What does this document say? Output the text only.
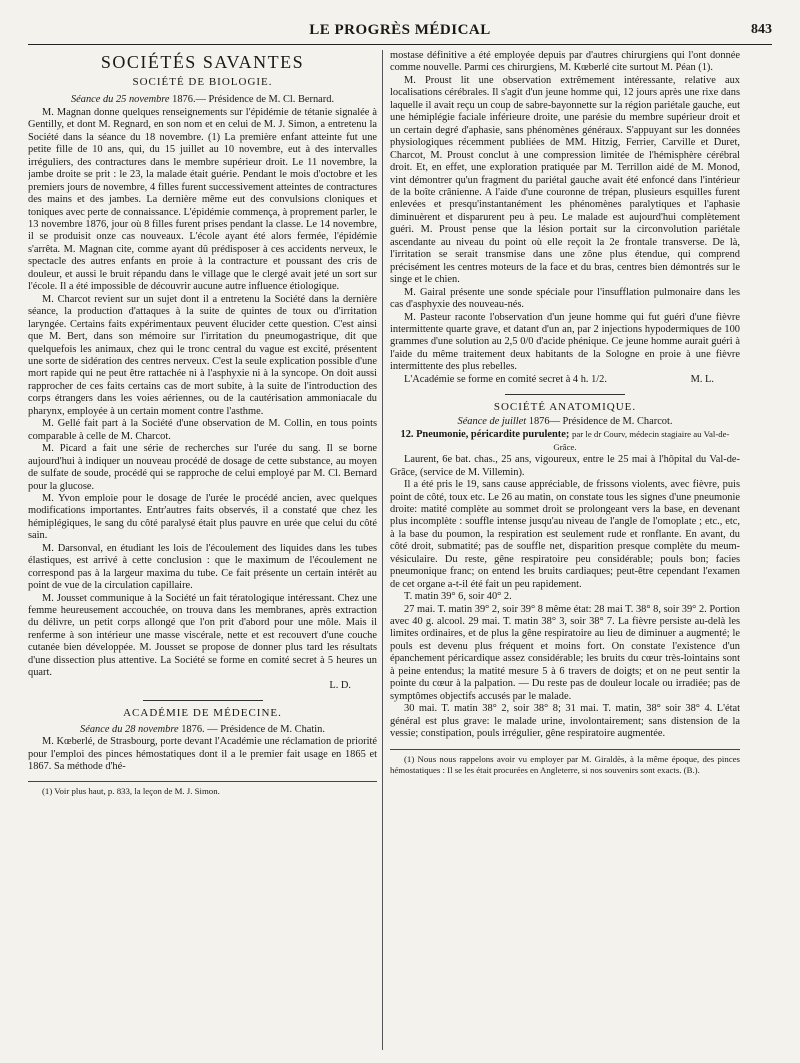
LE PROGRÈS MÉDICAL	843
SOCIÉTÉS SAVANTES
SOCIÉTÉ DE BIOLOGIE.

Séance du 25 novembre 1876.— Présidence de M. Cl. Bernard.

M. Magnan donne quelques renseignements sur l'épidémie de tétanie signalée à Gentilly, et dont M. Regnard, en son nom et en celui de M. J. Simon, a entretenu la Société dans la séance du 18 novembre. (1) La première enfant atteinte fut une petite fille de 10 ans, qui, du 15 juillet au 10 novembre, eut à des intervalles irréguliers, des contractures dans le membre supérieur droit. Le 11 novembre, la jambe droite se prit : le 23, la malade était guérie. Pendant le mois d'octobre et les premiers jours de novembre, 4 filles furent successivement atteintes de contractures des mains et des jambes. La dernière même eut des convulsions cloniques et toniques avec perte de connaissance. L'épidémie commença, à proprement parler, le 13 novembre 1876, jour où 8 filles furent prises pendant la classe. Le 14 novembre, il se produisit onze cas nouveaux. L'école ayant été alors fermée, l'épidémie s'arrêta. M. Magnan cite, comme ayant dû prédisposer à ces accidents nerveux, le spectacle des autres enfants en proie à la contracture et poussant des cris de douleur, et aussi le bruit répandu dans le village que le clergé avait jeté un sort sur l'école. Il a été impossible de découvrir aucune autre influence étiologique.

M. Charcot revient sur un sujet dont il a entretenu la Société dans la dernière séance, la production d'attaques à la suite de quintes de toux ou d'irritation laryngée. Certains faits expérimentaux peuvent élucider cette question. C'est ainsi que M. Bert, dans son mémoire sur l'irritation du pneumogastrique, dit que quelquefois les animaux, chez qui le tronc central du vague est excité, présentent une sorte de sidération des centres nerveux. C'est la seule explication possible d'une mort rapide qui ne peut être rattachée ni à l'asphyxie ni à la syncope. On doit aussi rapprocher de ces faits certains cas de mort subite, à la suite de l'introduction des corps étrangers dans les voies aériennes, ou de la cautérisation ammoniacale du pharynx, employée à un certain moment contre l'asthme.

M. Gellé fait part à la Société d'une observation de M. Collin, en tous points comparable à celle de M. Charcot.

M. Picard a fait une série de recherches sur l'urée du sang. Il se borne aujourd'hui à indiquer un nouveau procédé de dosage de cette substance, au moyen de sulfate de soude, procédé qui se rapproche de celui employé par M. Cl. Bernard pour la glucose.

M. Yvon emploie pour le dosage de l'urée le procédé ancien, avec quelques modifications importantes. Entr'autres faits observés, il a constaté que chez les hémiplégiques, le sang du côté paralysé était plus pauvre en urée que celui du côté sain.

M. Darsonval, en étudiant les lois de l'écoulement des liquides dans les tubes élastiques, est arrivé à cette conclusion : que le maximum de l'écoulement ne correspond pas à la largeur maxima du tube. Ce fait présente un certain intérêt au point de vue de la circulation capillaire.

M. Jousset communique à la Société un fait tératologique intéressant. Chez une femme heureusement accouchée, on trouva dans les membranes, après extraction du délivre, un petit corps allongé que l'on prit d'abord pour une môle. Mais il renferme à son intérieur une masse viscérale, nette et est recouvert d'une couche cutanée bien développée. M. Jousset se propose de donner plus tard les résultats d'une dissection plus attentive. La Société se forme en comité secret à 5 heures un quart.

L. D.

ACADÉMIE DE MÉDECINE.

Séance du 28 novembre 1876. — Présidence de M. Chatin.

M. Kœberlé, de Strasbourg, porte devant l'Académie une réclamation de priorité pour l'emploi des pinces hémostatiques dont il a le premier fait usage en 1865 et 1867. Sa méthode d'hé-

(1) Voir plus haut, p. 833, la leçon de M. J. Simon.

mostase définitive a été employée depuis par d'autres chirurgiens qui l'ont donnée comme nouvelle. Parmi ces chirurgiens, M. Kœberlé cite surtout M. Péan (1).

M. Proust lit une observation extrêmement intéressante, relative aux localisations cérébrales. Il s'agit d'un jeune homme qui, 12 jours après une rixe dans laquelle il avait reçu un coup de sabre-bayonnette sur la région pariétale gauche, eut une hémiplégie faciale inférieure droite, une parésie du membre supérieur droit et un certain degré d'aphasie, sans phénomènes généraux. S'appuyant sur les données physiologiques récemment publiées de MM. Hitzig, Ferrier, Carville et Duret, Charcot, M. Proust conclut à une compression limitée de l'hémisphère cérébral droit. Et, en effet, une exploration pratiquée par M. Terrillon aidé de M. Monod, vint démontrer qu'un fragment du pariétal gauche avait été enfoncé dans l'intérieur de la boîte crânienne. A l'aide d'une couronne de trépan, plusieurs esquilles furent enlevées et presqu'instantanément les phénomènes paralytiques et l'aphasie diminuèrent et disparurent peu à peu. Le malade est aujourd'hui complètement guéri. M. Proust pense que la lésion portait sur la circonvolution pariétale ascendante au niveau du point où elle reçoit la 2e frontale transverse. De là, l'irritation se serait transmise dans une zône plus étendue, qui comprend précisément les centres moteurs de la face et du bras, centres bien démontrés sur le singe et le chien.

M. Gairal présente une sonde spéciale pour l'insufflation pulmonaire dans les cas d'asphyxie des nouveau-nés.

M. Pasteur raconte l'observation d'un jeune homme qui fut guéri d'une fièvre intermittente quarte grave, et datant d'un an, par 2 injections hypodermiques de 100 grammes d'une solution au 2,5 0/0 d'acide phénique. Ce jeune homme aurait guéri à l'aide du même traitement deux habitants de la Sologne en proie à une fièvre intermittente des plus rebelles.

L'Académie se forme en comité secret à 4 h. 1/2.	M. L.

SOCIÉTÉ ANATOMIQUE.

Séance de juillet 1876— Présidence de M. Charcot.

12. Pneumonie, péricardite purulente; par le dr Courv, médecin stagiaire au Val-de-Grâce.

Laurent, 6e bat. chas., 25 ans, vigoureux, entre le 25 mai à l'hôpital du Val-de-Grâce, (service de M. Villemin).

Il a été pris le 19, sans cause appréciable, de frissons violents, avec fièvre, puis point de côté, toux etc. Le 26 au matin, on constate tous les signes d'une pneumonie droite: matité complète au sommet droit se prolongeant vers la base, en devenant plus incomplète : souffle intense jusqu'au niveau de l'angle de l'omoplate ; etc., etc, à la base du poumon, la respiration est seulement rude et ronflante. En avant, du côté droit, submatité; pas de souffle net, disparition presque complète du meum-vésiculaire. Du reste, gêne respiratoire peu considérable; pouls bon; facies pneumonique franc; on entend les bruits cardiaques; peut-être cependant l'examen de cet organe a-t-il été fait un peu rapidement.

T. matin 39° 6, soir 40° 2.

27 mai. T. matin 39° 2, soir 39° 8 même état: 28 mai T. 38° 8, soir 39° 2. Portion avec 40 g. alcool. 29 mai. T. matin 38° 3, soir 38° 7. La fièvre persiste au-delà les limites ordinaires, et de plus la gêne respiratoire au lieu de diminuer a augmenté; le pouls est devenu plus fréquent et moins fort. On constate l'existence d'un épanchement péricardique assez considérable; les bruits du cœur très-lointains sont à peine entendus; la matité mesure 5 à 6 travers de doigts; et on ne peut sentir la pointe du cœur à la palpation. — Du reste pas de douleur locale ou irradiée; pas de symptômes objectifs accusés par le malade.

30 mai. T. matin 38° 2, soir 38° 8; 31 mai. T. matin, 38° soir 38° 4. L'état général est plus grave: le malade urine, involontairement; sans distension de la vessie; constipation, pouls irrégulier, gêne respiratoire augmentée.

(1) Nous nous rappelons avoir vu employer par M. Giraldès, à la même époque, des pinces hémostatiques : Il se les était procurées en Angleterre, si nos souvenirs sont exacts. (B.).
